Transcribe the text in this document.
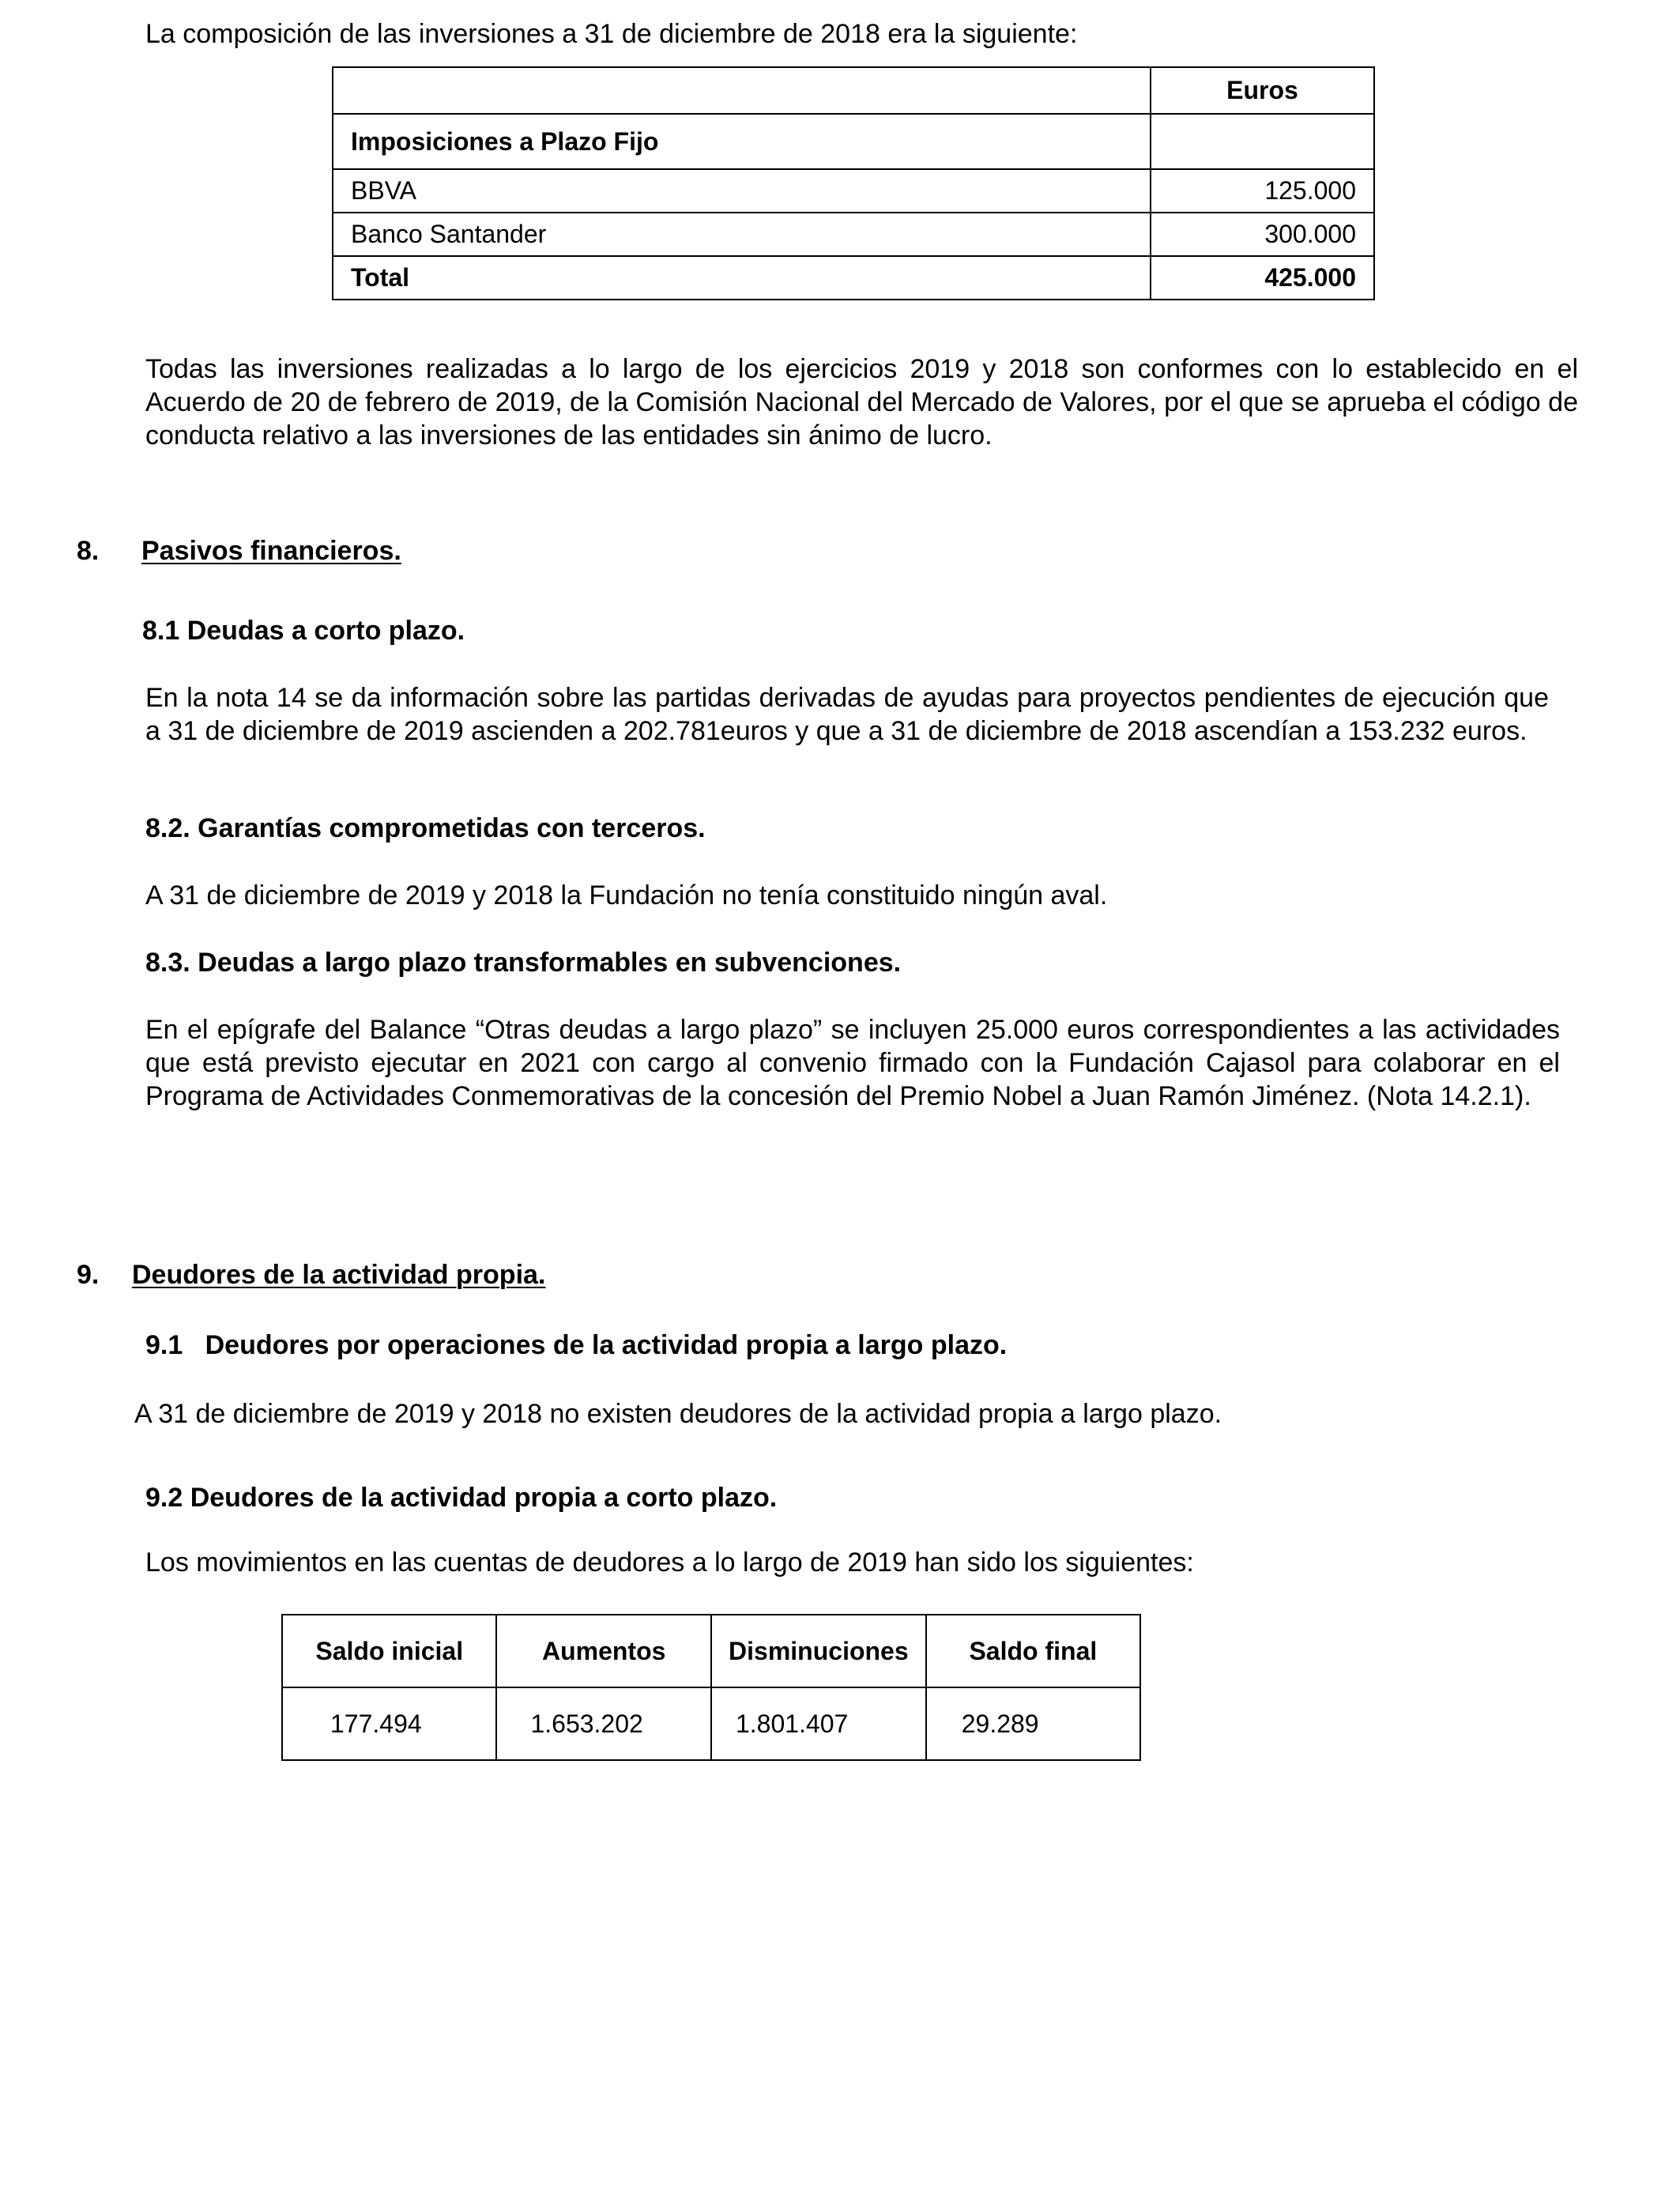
La composición de las inversiones a 31 de diciembre de 2018 era la siguiente:

	Euros
Imposiciones a Plazo Fijo	
BBVA	125.000
Banco Santander	300.000
Total	425.000

Todas las inversiones realizadas a lo largo de los ejercicios 2019 y 2018 son conformes con lo establecido en el Acuerdo de 20 de febrero de 2019, de la Comisión Nacional del Mercado de Valores, por el que se aprueba el código de conducta relativo a las inversiones de las entidades sin ánimo de lucro.

8. Pasivos financieros.

8.1 Deudas a corto plazo.

En la nota 14 se da información sobre las partidas derivadas de ayudas para proyectos pendientes de ejecución que a 31 de diciembre de 2019 ascienden a 202.781euros y que a 31 de diciembre de 2018 ascendían a 153.232 euros.

8.2. Garantías comprometidas con terceros.

A 31 de diciembre de 2019 y 2018 la Fundación no tenía constituido ningún aval.

8.3. Deudas a largo plazo transformables en subvenciones.

En el epígrafe del Balance “Otras deudas a largo plazo” se incluyen 25.000 euros correspondientes a las actividades que está previsto ejecutar en 2021 con cargo al convenio firmado con la Fundación Cajasol para colaborar en el Programa de Actividades Conmemorativas de la concesión del Premio Nobel a Juan Ramón Jiménez. (Nota 14.2.1).

9. Deudores de la actividad propia.

9.1   Deudores por operaciones de la actividad propia a largo plazo.

A 31 de diciembre de 2019 y 2018 no existen deudores de la actividad propia a largo plazo.

9.2 Deudores de la actividad propia a corto plazo.

Los movimientos en las cuentas de deudores a lo largo de 2019 han sido los siguientes:

Saldo inicial	Aumentos	Disminuciones	Saldo final
177.494	1.653.202	1.801.407	29.289
